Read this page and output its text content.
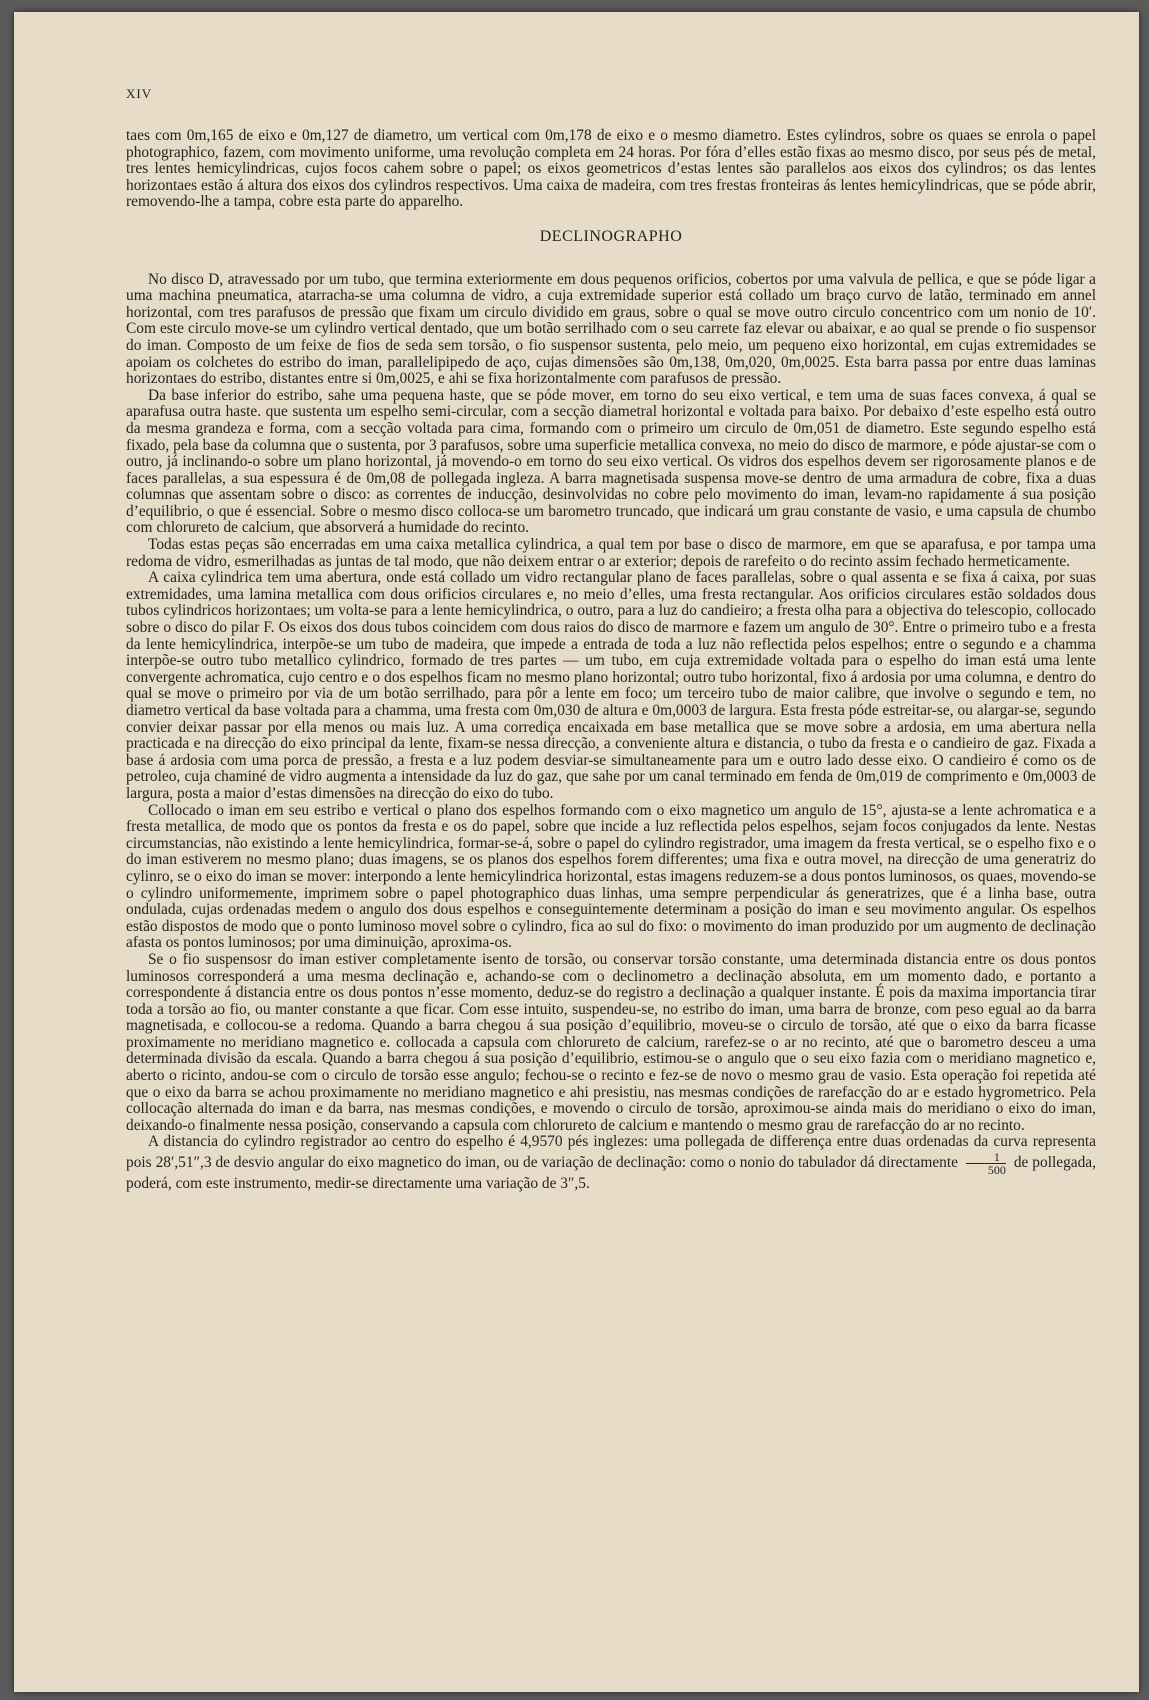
XIV

taes com 0m,165 de eixo e 0m,127 de diametro, um vertical com 0m,178 de eixo e o mesmo diametro. Estes cylindros, sobre os quaes se enrola o papel photographico, fazem, com movimento uniforme, uma revolução completa em 24 horas. Por fóra d’elles estão fixas ao mesmo disco, por seus pés de metal, tres lentes hemicylindricas, cujos focos cahem sobre o papel; os eixos geometricos d’estas lentes são parallelos aos eixos dos cylindros; os das lentes horizontaes estão á altura dos eixos dos cylindros respectivos. Uma caixa de madeira, com tres frestas fronteiras ás lentes hemicylindricas, que se póde abrir, removendo-lhe a tampa, cobre esta parte do apparelho.

DECLINOGRAPHO

No disco D, atravessado por um tubo, que termina exteriormente em dous pequenos orificios, cobertos por uma valvula de pellica, e que se póde ligar a uma machina pneumatica, atarracha-se uma columna de vidro, a cuja extremidade superior está collado um braço curvo de latão, terminado em annel horizontal, com tres parafusos de pressão que fixam um circulo dividido em graus, sobre o qual se move outro circulo concentrico com um nonio de 10′. Com este circulo move-se um cylindro vertical dentado, que um botão serrilhado com o seu carrete faz elevar ou abaixar, e ao qual se prende o fio suspensor do iman. Composto de um feixe de fios de seda sem torsão, o fio suspensor sustenta, pelo meio, um pequeno eixo horizontal, em cujas extremidades se apoiam os colchetes do estribo do iman, parallelipipedo de aço, cujas dimensões são 0m,138, 0m,020, 0m,0025. Esta barra passa por entre duas laminas horizontaes do estribo, distantes entre si 0m,0025, e ahi se fixa horizontalmente com parafusos de pressão.

Da base inferior do estribo, sahe uma pequena haste, que se póde mover, em torno do seu eixo vertical, e tem uma de suas faces convexa, á qual se aparafusa outra haste. que sustenta um espelho semi-circular, com a secção diametral horizontal e voltada para baixo. Por debaixo d’este espelho está outro da mesma grandeza e forma, com a secção voltada para cima, formando com o primeiro um circulo de 0m,051 de diametro. Este segundo espelho está fixado, pela base da columna que o sustenta, por 3 parafusos, sobre uma superficie metallica convexa, no meio do disco de marmore, e póde ajustar-se com o outro, já inclinando-o sobre um plano horizontal, já movendo-o em torno do seu eixo vertical. Os vidros dos espelhos devem ser rigorosamente planos e de faces parallelas, a sua espessura é de 0m,08 de pollegada ingleza. A barra magnetisada suspensa move-se dentro de uma armadura de cobre, fixa a duas columnas que assentam sobre o disco: as correntes de inducção, desinvolvidas no cobre pelo movimento do iman, levam-no rapidamente á sua posição d’equilibrio, o que é essencial. Sobre o mesmo disco colloca-se um barometro truncado, que indicará um grau constante de vasio, e uma capsula de chumbo com chlorureto de calcium, que absorverá a humidade do recinto.

Todas estas peças são encerradas em uma caixa metallica cylindrica, a qual tem por base o disco de marmore, em que se aparafusa, e por tampa uma redoma de vidro, esmerilhadas as juntas de tal modo, que não deixem entrar o ar exterior; depois de rarefeito o do recinto assim fechado hermeticamente.

A caixa cylindrica tem uma abertura, onde está collado um vidro rectangular plano de faces parallelas, sobre o qual assenta e se fixa á caixa, por suas extremidades, uma lamina metallica com dous orificios circulares e, no meio d’elles, uma fresta rectangular. Aos orificios circulares estão soldados dous tubos cylindricos horizontaes; um volta-se para a lente hemicylindrica, o outro, para a luz do candieiro; a fresta olha para a objectiva do telescopio, collocado sobre o disco do pilar F. Os eixos dos dous tubos coincidem com dous raios do disco de marmore e fazem um angulo de 30°. Entre o primeiro tubo e a fresta da lente hemicylindrica, interpõe-se um tubo de madeira, que impede a entrada de toda a luz não reflectida pelos espelhos; entre o segundo e a chamma interpõe-se outro tubo metallico cylindrico, formado de tres partes — um tubo, em cuja extremidade voltada para o espelho do iman está uma lente convergente achromatica, cujo centro e o dos espelhos ficam no mesmo plano horizontal; outro tubo horizontal, fixo á ardosia por uma columna, e dentro do qual se move o primeiro por via de um botão serrilhado, para pôr a lente em foco; um terceiro tubo de maior calibre, que involve o segundo e tem, no diametro vertical da base voltada para a chamma, uma fresta com 0m,030 de altura e 0m,0003 de largura. Esta fresta póde estreitar-se, ou alargar-se, segundo convier deixar passar por ella menos ou mais luz. A uma corrediça encaixada em base metallica que se move sobre a ardosia, em uma abertura nella practicada e na direcção do eixo principal da lente, fixam-se nessa direcção, a conveniente altura e distancia, o tubo da fresta e o candieiro de gaz. Fixada a base á ardosia com uma porca de pressão, a fresta e a luz podem desviar-se simultaneamente para um e outro lado desse eixo. O candieiro é como os de petroleo, cuja chaminé de vidro augmenta a intensidade da luz do gaz, que sahe por um canal terminado em fenda de 0m,019 de comprimento e 0m,0003 de largura, posta a maior d’estas dimensões na direcção do eixo do tubo.

Collocado o iman em seu estribo e vertical o plano dos espelhos formando com o eixo magnetico um angulo de 15°, ajusta-se a lente achromatica e a fresta metallica, de modo que os pontos da fresta e os do papel, sobre que incide a luz reflectida pelos espelhos, sejam focos conjugados da lente. Nestas circumstancias, não existindo a lente hemicylindrica, formar-se-á, sobre o papel do cylindro registrador, uma imagem da fresta vertical, se o espelho fixo e o do iman estiverem no mesmo plano; duas imagens, se os planos dos espelhos forem differentes; uma fixa e outra movel, na direcção de uma generatriz do cylinro, se o eixo do iman se mover: interpondo a lente hemicylindrica horizontal, estas imagens reduzem-se a dous pontos luminosos, os quaes, movendo-se o cylindro uniformemente, imprimem sobre o papel photographico duas linhas, uma sempre perpendicular ás generatrizes, que é a linha base, outra ondulada, cujas ordenadas medem o angulo dos dous espelhos e conseguintemente determinam a posição do iman e seu movimento angular. Os espelhos estão dispostos de modo que o ponto luminoso movel sobre o cylindro, fica ao sul do fixo: o movimento do iman produzido por um augmento de declinação afasta os pontos luminosos; por uma diminuição, aproxima-os.

Se o fio suspensosr do iman estiver completamente isento de torsão, ou conservar torsão constante, uma determinada distancia entre os dous pontos luminosos corresponderá a uma mesma declinação e, achando-se com o declinometro a declinação absoluta, em um momento dado, e portanto a correspondente á distancia entre os dous pontos n’esse momento, deduz-se do registro a declinação a qualquer instante. É pois da maxima importancia tirar toda a torsão ao fio, ou manter constante a que ficar. Com esse intuito, suspendeu-se, no estribo do iman, uma barra de bronze, com peso egual ao da barra magnetisada, e collocou-se a redoma. Quando a barra chegou á sua posição d’equilibrio, moveu-se o circulo de torsão, até que o eixo da barra ficasse proximamente no meridiano magnetico e. collocada a capsula com chlorureto de calcium, rarefez-se o ar no recinto, até que o barometro desceu a uma determinada divisão da escala. Quando a barra chegou á sua posição d’equilibrio, estimou-se o angulo que o seu eixo fazia com o meridiano magnetico e, aberto o ricinto, andou-se com o circulo de torsão esse angulo; fechou-se o recinto e fez-se de novo o mesmo grau de vasio. Esta operação foi repetida até que o eixo da barra se achou proximamente no meridiano magnetico e ahi presistiu, nas mesmas condições de rarefacção do ar e estado hygrometrico. Pela collocação alternada do iman e da barra, nas mesmas condições, e movendo o circulo de torsão, aproximou-se ainda mais do meridiano o eixo do iman, deixando-o finalmente nessa posição, conservando a capsula com chlorureto de calcium e mantendo o mesmo grau de rarefacção do ar no recinto.

A distancia do cylindro registrador ao centro do espelho é 4,9570 pés inglezes: uma pollegada de differença entre duas ordenadas da curva representa pois 28′,51″,3 de desvio angular do eixo magnetico do iman, ou de variação de declinação: como o nonio do tabulador dá directamente $\frac{1}{500}$ de pollegada, poderá, com este instrumento, medir-se directamente uma variação de 3″,5.
